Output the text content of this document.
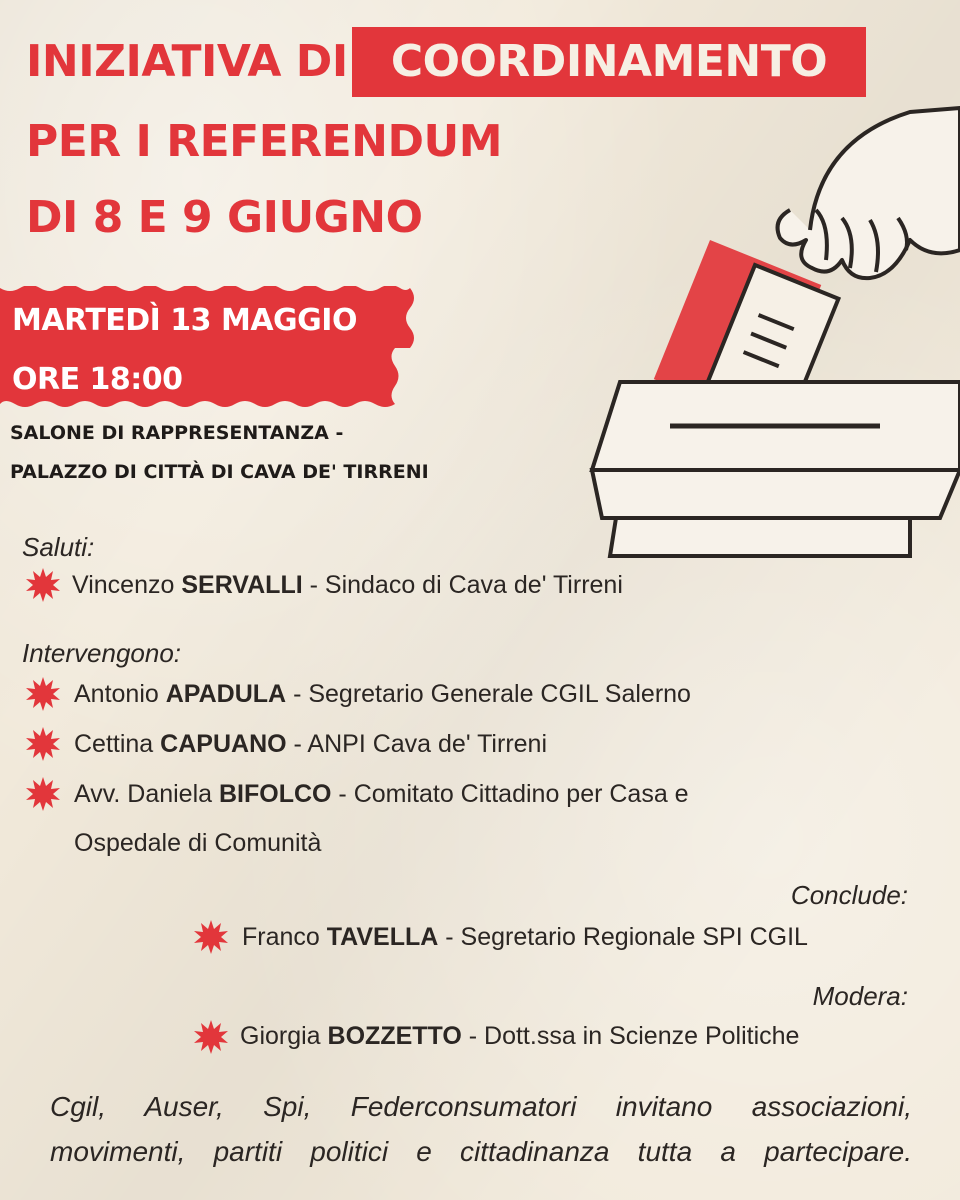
INIZIATIVA DI COORDINAMENTO
PER I REFERENDUM
DI 8 E 9 GIUGNO
MARTEDÌ 13 MAGGIO
ORE 18:00
SALONE DI RAPPRESENTANZA -
PALAZZO DI CITTÀ DI CAVA DE' TIRRENI
Saluti:
Vincenzo SERVALLI - Sindaco di Cava de' Tirreni
Intervengono:
Antonio APADULA - Segretario Generale CGIL Salerno
Cettina CAPUANO - ANPI Cava de' Tirreni
Avv. Daniela BIFOLCO - Comitato Cittadino per Casa e
Ospedale di Comunità
Conclude:
Franco TAVELLA - Segretario Regionale SPI CGIL
Modera:
Giorgia BOZZETTO - Dott.ssa in Scienze Politiche
Cgil, Auser, Spi, Federconsumatori invitano associazioni,
movimenti, partiti politici e cittadinanza tutta a partecipare.
